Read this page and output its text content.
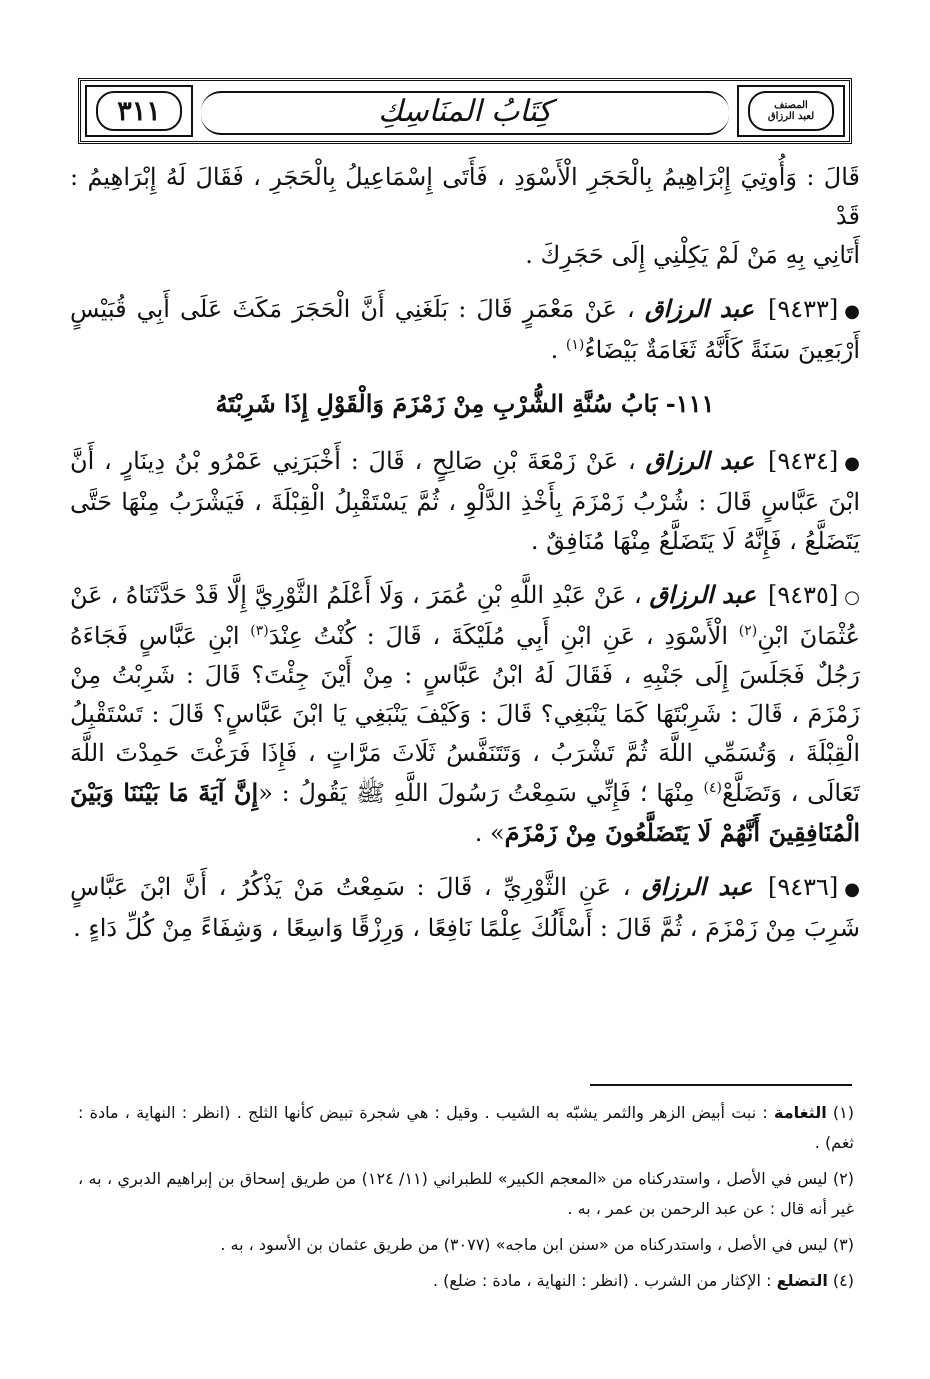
٣١١	كِتَابُ المنَاسِكِ	المصنف
لعبد الرزاق

قَالَ : وَأُوتِيَ إِبْرَاهِيمُ بِالْحَجَرِ الْأَسْوَدِ ، فَأَتَى إِسْمَاعِيلُ بِالْحَجَرِ ، فَقَالَ لَهُ إِبْرَاهِيمُ : قَدْ
أَتَانِي بِهِ مَنْ لَمْ يَكِلْنِي إِلَى حَجَرِكَ .

●[٩٤٣٣] عبد الرزاق ، عَنْ مَعْمَرٍ قَالَ : بَلَغَنِي أَنَّ الْحَجَرَ مَكَثَ عَلَى أَبِي قُبَيْسٍ أَرْبَعِينَ سَنَةً كَأَنَّهُ ثَغَامَةٌ بَيْضَاءُ$^{(١)}$ .

١١١- بَابُ سُنَّةِ الشُّرْبِ مِنْ زَمْزَمَ وَالْقَوْلِ إِذَا شَرِبْتَهُ

●[٩٤٣٤] عبد الرزاق ، عَنْ زَمْعَةَ بْنِ صَالِحٍ ، قَالَ : أَخْبَرَنِي عَمْرُو بْنُ دِينَارٍ ، أَنَّ ابْنَ عَبَّاسٍ قَالَ : شُرْبُ زَمْزَمَ بِأَخْذِ الدَّلْوِ ، ثُمَّ يَسْتَقْبِلُ الْقِبْلَةَ ، فَيَشْرَبُ مِنْهَا حَتَّى يَتَضَلَّعُ ، فَإِنَّهُ لَا يَتَضَلَّعُ مِنْهَا مُنَافِقٌ .

○[٩٤٣٥] عبد الرزاق ، عَنْ عَبْدِ اللَّهِ بْنِ عُمَرَ ، وَلَا أَعْلَمُ الثَّوْرِيَّ إِلَّا قَدْ حَدَّثَنَاهُ ، عَنْ عُثْمَانَ ابْنِ$^{(٢)}$ الْأَسْوَدِ ، عَنِ ابْنِ أَبِي مُلَيْكَةَ ، قَالَ : كُنْتُ عِنْدَ$^{(٣)}$ ابْنِ عَبَّاسٍ فَجَاءَهُ رَجُلٌ فَجَلَسَ إِلَى جَنْبِهِ ، فَقَالَ لَهُ ابْنُ عَبَّاسٍ : مِنْ أَيْنَ جِئْتَ؟ قَالَ : شَرِبْتُ مِنْ زَمْزَمَ ، قَالَ : شَرِبْتَهَا كَمَا يَنْبَغِي؟ قَالَ : وَكَيْفَ يَنْبَغِي يَا ابْنَ عَبَّاسٍ؟ قَالَ : تَسْتَقْبِلُ الْقِبْلَةَ ، وَتُسَمِّي اللَّهَ ثُمَّ تَشْرَبُ ، وَتَتَنَفَّسُ ثَلَاثَ مَرَّاتٍ ، فَإِذَا فَرَغْتَ حَمِدْتَ اللَّهَ تَعَالَى ، وَتَضَلَّعْ$^{(٤)}$ مِنْهَا ؛ فَإِنِّي سَمِعْتُ رَسُولَ اللَّهِ ﷺ يَقُولُ : «إِنَّ آيَةَ مَا بَيْنَنَا وَبَيْنَ الْمُنَافِقِينَ أَنَّهُمْ لَا يَتَضَلَّعُونَ مِنْ زَمْزَمَ» .

●[٩٤٣٦] عبد الرزاق ، عَنِ الثَّوْرِيِّ ، قَالَ : سَمِعْتُ مَنْ يَذْكُرُ ، أَنَّ ابْنَ عَبَّاسٍ شَرِبَ مِنْ زَمْزَمَ ، ثُمَّ قَالَ : أَسْأَلُكَ عِلْمًا نَافِعًا ، وَرِزْقًا وَاسِعًا ، وَشِفَاءً مِنْ كُلِّ دَاءٍ .

(١) الثغامة : نبت أبيض الزهر والثمر يشبّه به الشيب . وقيل : هي شجرة تبيض كأنها الثلج . (انظر : النهاية ، مادة : ثغم) .

(٢) ليس في الأصل ، واستدركناه من «المعجم الكبير» للطبراني (١١/ ١٢٤) من طريق إسحاق بن إبراهيم الدبري ، به ، غير أنه قال : عن عبد الرحمن بن عمر ، به .

(٣) ليس في الأصل ، واستدركناه من «سنن ابن ماجه» (٣٠٧٧) من طريق عثمان بن الأسود ، به .

(٤) التضلع : الإكثار من الشرب . (انظر : النهاية ، مادة : ضلع) .
